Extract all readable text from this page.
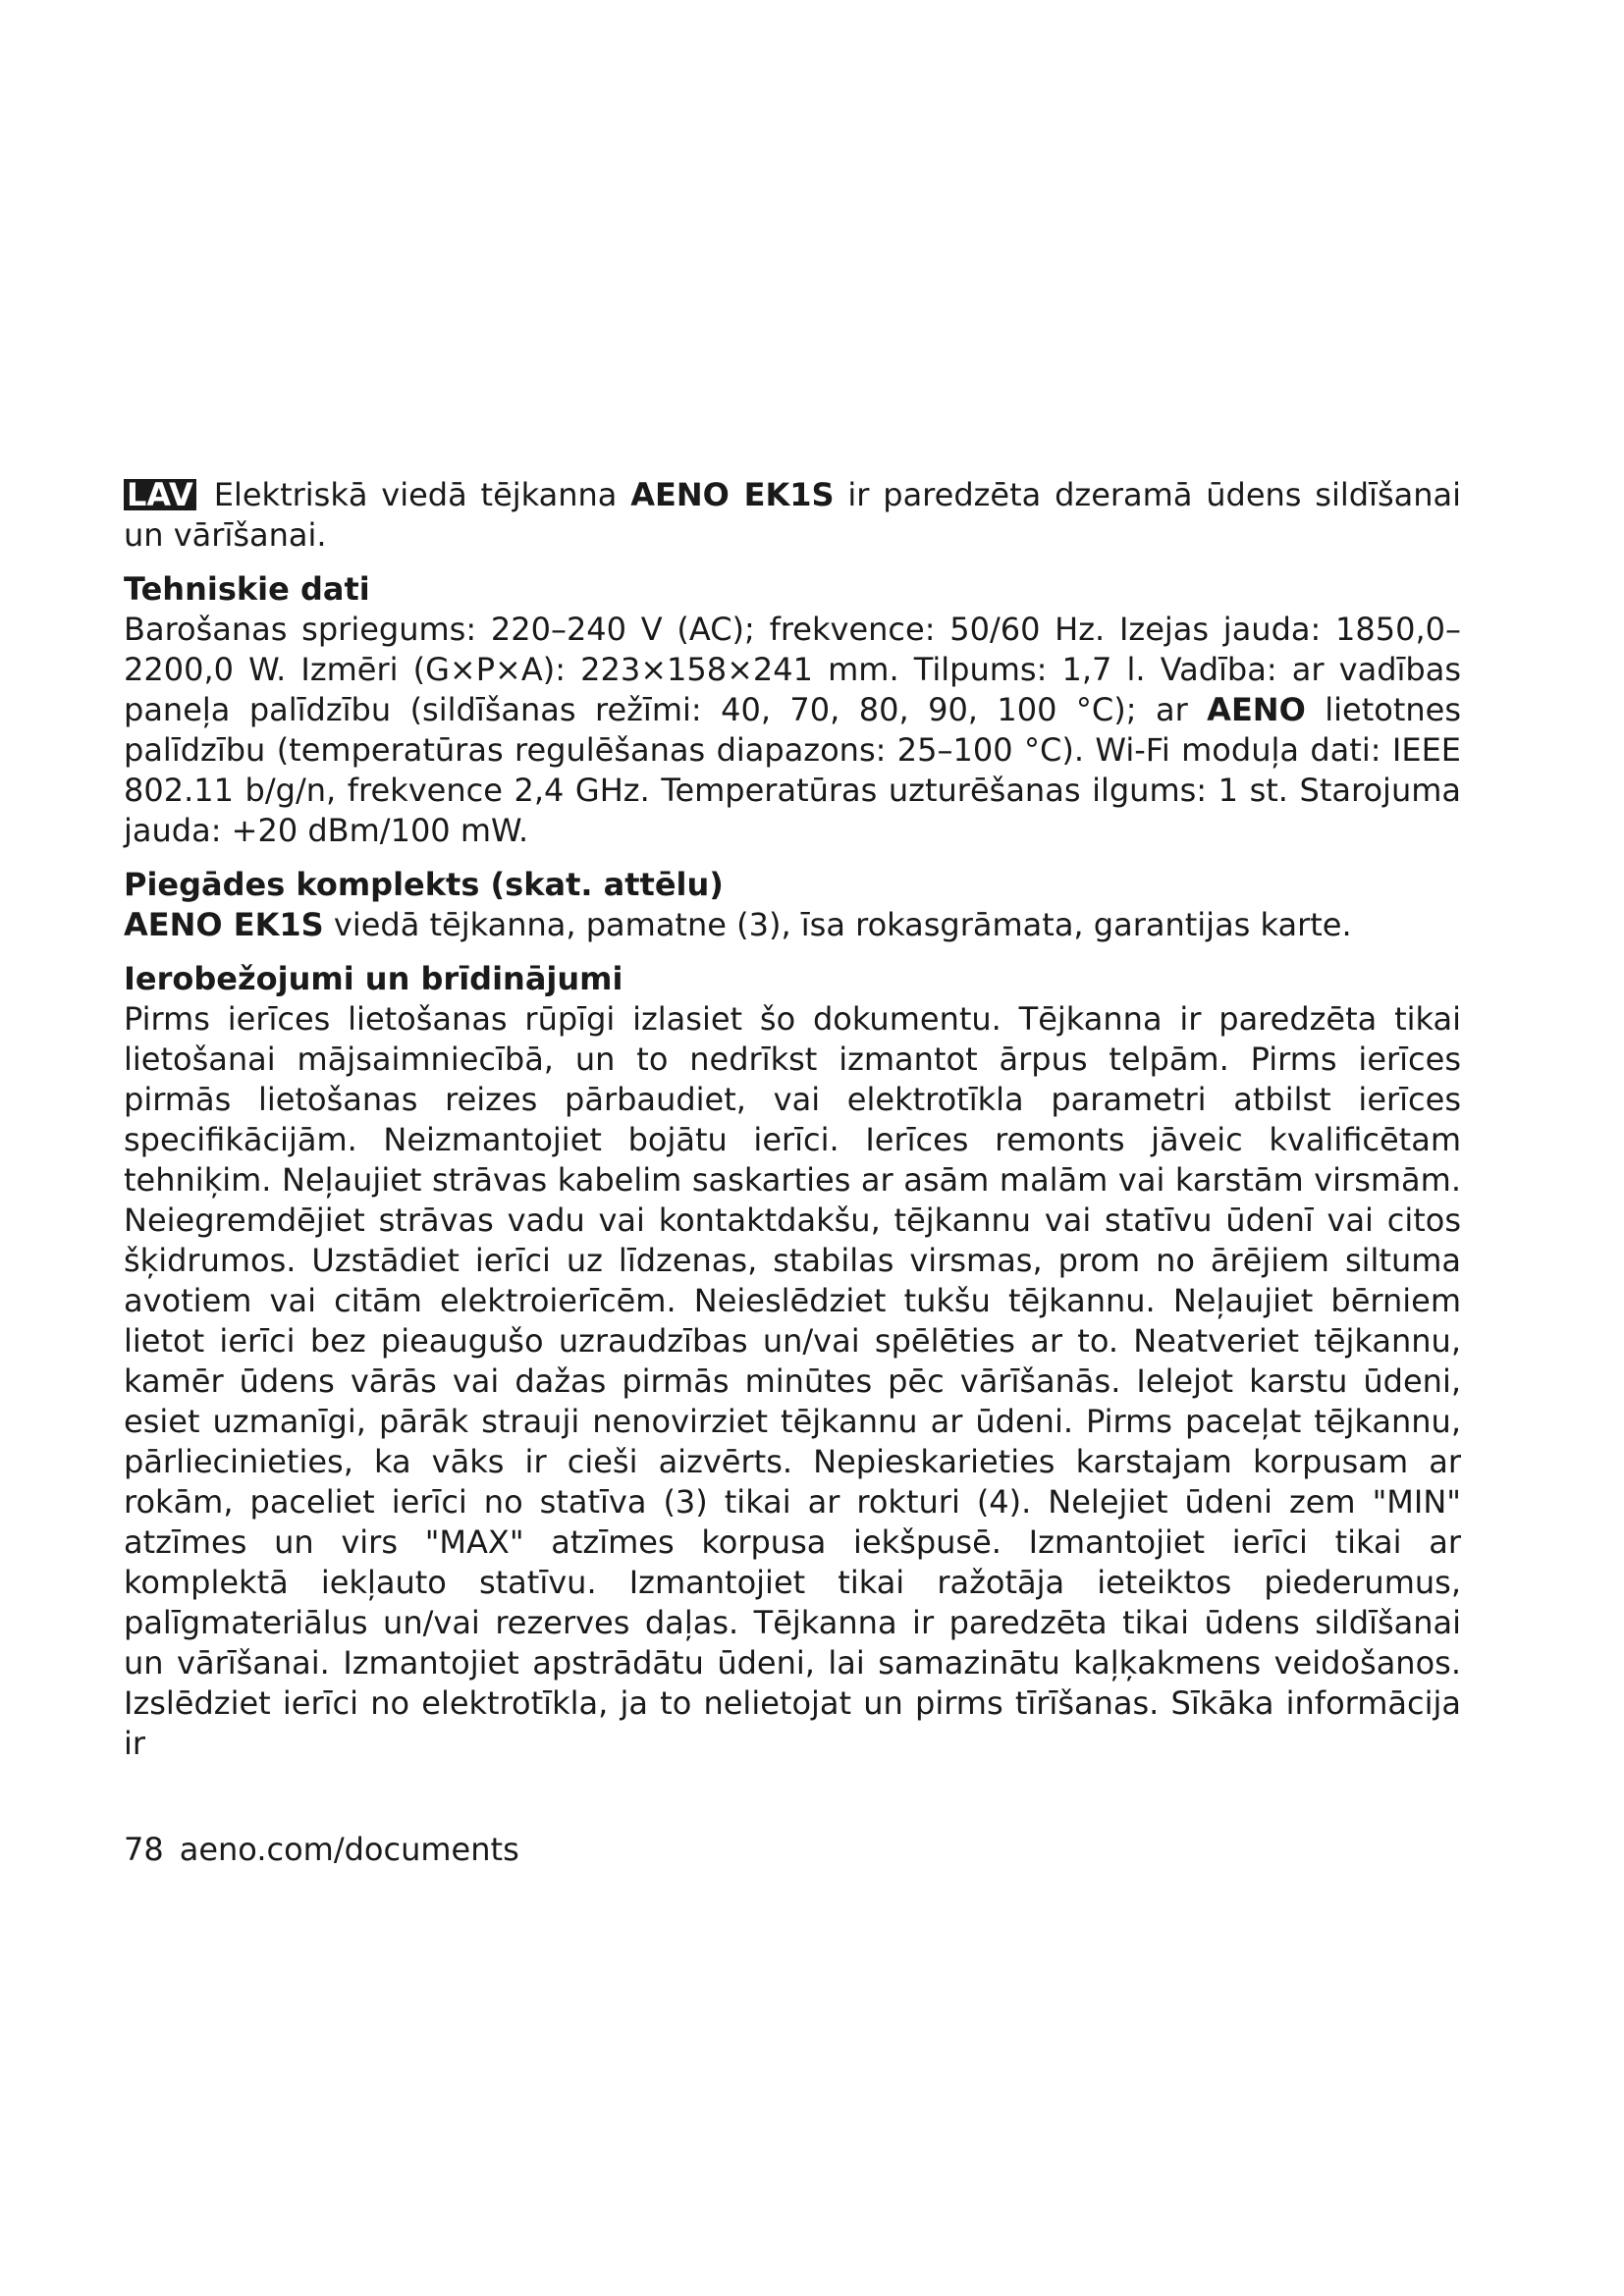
LAV Elektriskā viedā tējkanna AENO EK1S ir paredzēta dzeramā ūdens sildīšanai un vārīšanai.

Tehniskie dati

Barošanas spriegums: 220–240 V (AC); frekvence: 50/60 Hz. Izejas jauda: 1850,0–2200,0 W. Izmēri (G×P×A): 223×158×241 mm. Tilpums: 1,7 l. Vadība: ar vadības paneļa palīdzību (sildīšanas režīmi: 40, 70, 80, 90, 100 °C); ar AENO lietotnes palīdzību (temperatūras regulēšanas diapazons: 25–100 °C). Wi-Fi moduļa dati: IEEE 802.11 b/g/n, frekvence 2,4 GHz. Temperatūras uzturēšanas ilgums: 1 st. Starojuma jauda: +20 dBm/100 mW.

Piegādes komplekts (skat. attēlu)

AENO EK1S viedā tējkanna, pamatne (3), īsa rokasgrāmata, garantijas karte.

Ierobežojumi un brīdinājumi

Pirms ierīces lietošanas rūpīgi izlasiet šo dokumentu. Tējkanna ir paredzēta tikai lietošanai mājsaimniecībā, un to nedrīkst izmantot ārpus telpām. Pirms ierīces pirmās lietošanas reizes pārbaudiet, vai elektrotīkla parametri atbilst ierīces specifikācijām. Neizmantojiet bojātu ierīci. Ierīces remonts jāveic kvalificētam tehniķim. Neļaujiet strāvas kabelim saskarties ar asām malām vai karstām virsmām. Neiegremdējiet strāvas vadu vai kontaktdakšu, tējkannu vai statīvu ūdenī vai citos šķidrumos. Uzstādiet ierīci uz līdzenas, stabilas virsmas, prom no ārējiem siltuma avotiem vai citām elektroierīcēm. Neieslēdziet tukšu tējkannu. Neļaujiet bērniem lietot ierīci bez pieaugušo uzraudzības un/vai spēlēties ar to. Neatveriet tējkannu, kamēr ūdens vārās vai dažas pirmās minūtes pēc vārīšanās. Ielejot karstu ūdeni, esiet uzmanīgi, pārāk strauji nenovirziet tējkannu ar ūdeni. Pirms paceļat tējkannu, pārliecinieties, ka vāks ir cieši aizvērts. Nepieskarieties karstajam korpusam ar rokām, paceliet ierīci no statīva (3) tikai ar rokturi (4). Nelejiet ūdeni zem "MIN" atzīmes un virs "MAX" atzīmes korpusa iekšpusē. Izmantojiet ierīci tikai ar komplektā iekļauto statīvu. Izmantojiet tikai ražotāja ieteiktos piederumus, palīgmateriālus un/vai rezerves daļas. Tējkanna ir paredzēta tikai ūdens sildīšanai un vārīšanai. Izmantojiet apstrādātu ūdeni, lai samazinātu kaļķakmens veidošanos. Izslēdziet ierīci no elektrotīkla, ja to nelietojat un pirms tīrīšanas. Sīkāka informācija ir

78 aeno.com/documents
